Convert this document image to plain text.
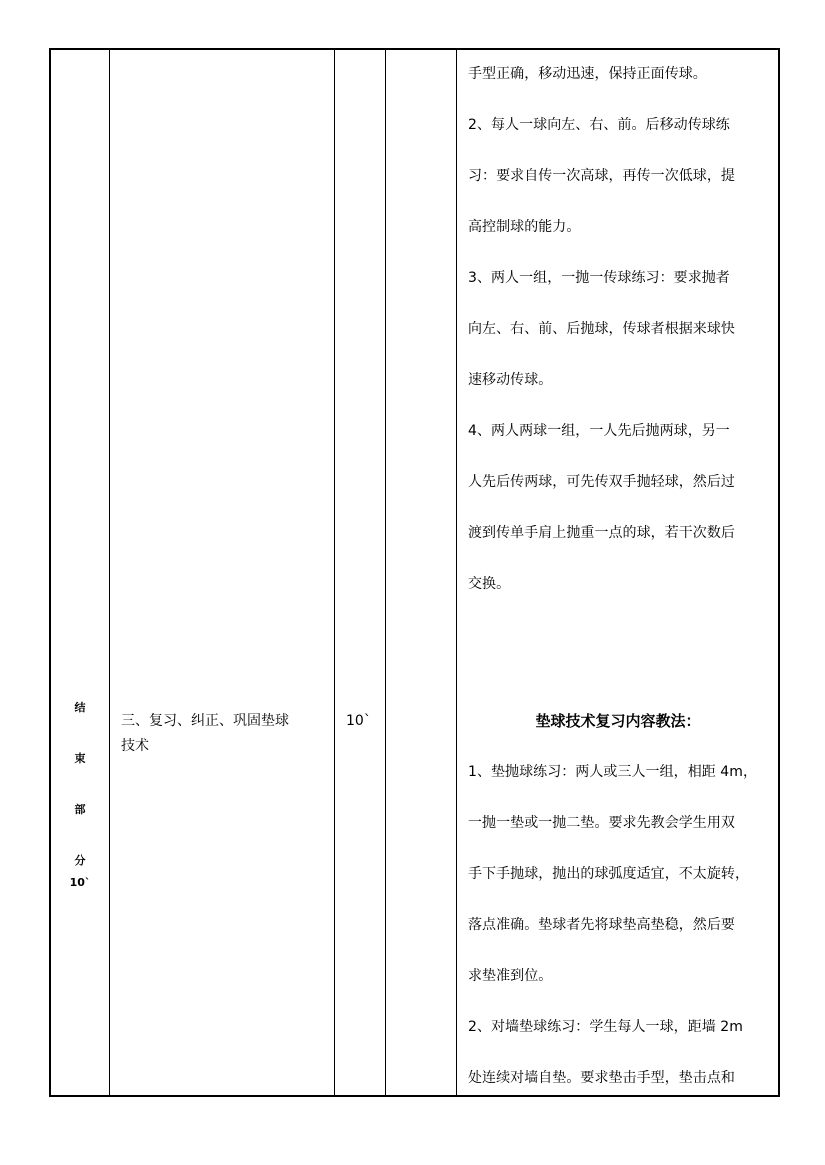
结
束
部
分
10`
三、复习、纠正、巩固垫球
技术
10`
手型正确，移动迅速，保持正面传球。
2、每人一球向左、右、前。后移动传球练
习：要求自传一次高球，再传一次低球，提
高控制球的能力。
3、两人一组，一抛一传球练习：要求抛者
向左、右、前、后抛球，传球者根据来球快
速移动传球。
4、两人两球一组，一人先后抛两球，另一
人先后传两球，可先传双手抛轻球，然后过
渡到传单手肩上抛重一点的球，若干次数后
交换。
垫球技术复习内容教法：
1、垫抛球练习：两人或三人一组，相距 4m，
一抛一垫或一抛二垫。要求先教会学生用双
手下手抛球，抛出的球弧度适宜，不太旋转，
落点准确。垫球者先将球垫高垫稳，然后要
求垫准到位。
2、对墙垫球练习：学生每人一球，距墙 2m
处连续对墙自垫。要求垫击手型，垫击点和
